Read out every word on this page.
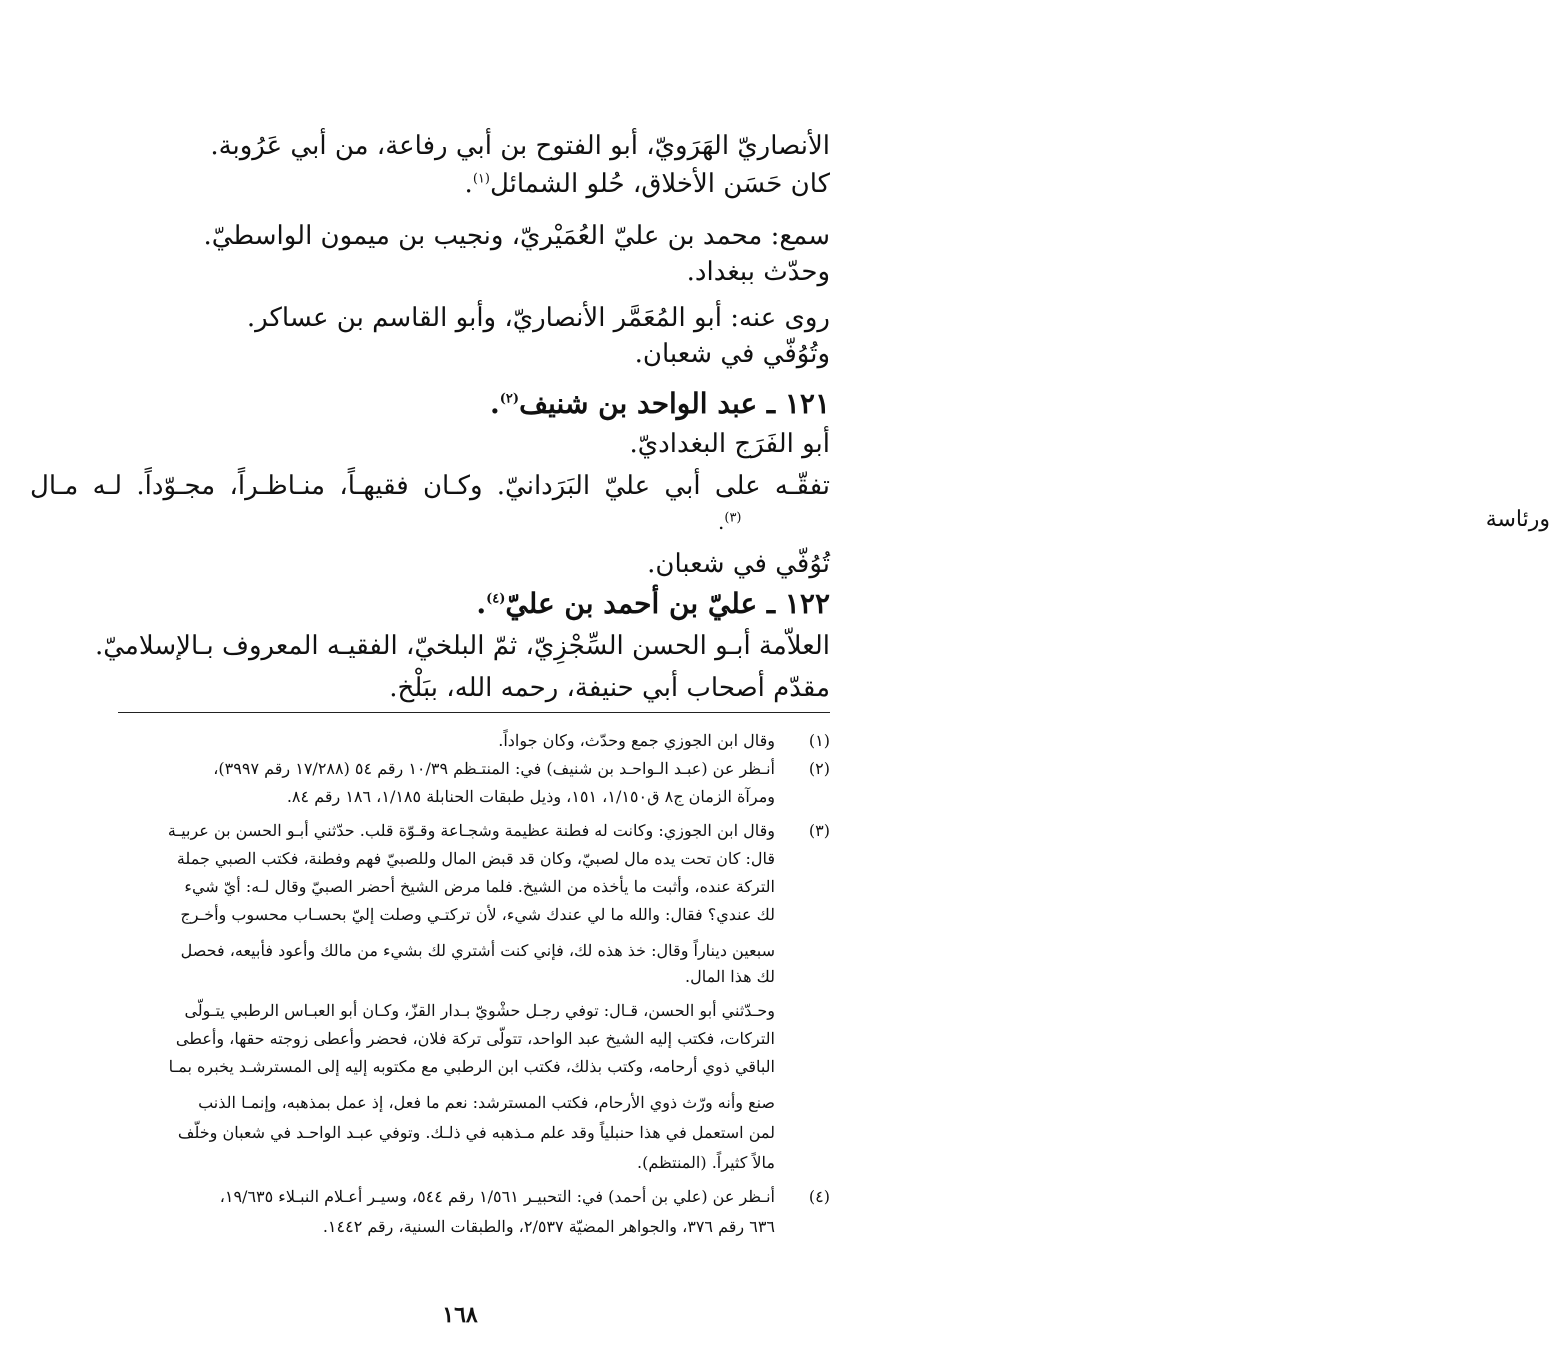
الأنصاريّ الهَرَويّ، أبو الفتوح بن أبي رفاعة، من أبي عَرُوبة.
كان حَسَن الأخلاق، حُلو الشمائل$^{(١)}$.
سمع: محمد بن عليّ العُمَيْريّ، ونجيب بن ميمون الواسطيّ.
وحدّث ببغداد.
روى عنه: أبو المُعَمَّر الأنصاريّ، وأبو القاسم بن عساكر.
وتُوُفّي في شعبان.
١٢١ ـ عبد الواحد بن شنيف$^{(٢)}$.
أبو الفَرَج البغداديّ.
تفقّـه على أبي عليّ البَرَدانيّ. وكـان فقيهـاً، منـاظـراً، مجـوّداً. لـه مـال
ورئاسة
$^{(٣)}$.
تُوُفّي في شعبان.
١٢٢ ـ عليّ بن أحمد بن عليّ$^{(٤)}$.
العلاّمة أبـو الحسن السِّجْزِيّ، ثمّ البلخيّ، الفقيـه المعروف بـالإسلاميّ.
مقدّم أصحاب أبي حنيفة، رحمه الله، ببَلْخ.
(١)
وقال ابن الجوزي جمع وحدّث، وكان جواداً.
(٢)
أنـظر عن (عبـد الـواحـد بن شنيف) في: المنتـظم ١٠/٣٩ رقم ٥٤ (١٧/٢٨٨ رقم ٣٩٩٧)،
ومرآة الزمان ج٨ ق١/١٥٠، ١٥١، وذيل طبقات الحنابلة ١/١٨٥، ١٨٦ رقم ٨٤.
(٣)
وقال ابن الجوزي: وكانت له فطنة عظيمة وشجـاعة وقـوّة قلب. حدّثني أبـو الحسن بن عربيـة
قال: كان تحت يده مال لصبيّ، وكان قد قبض المال وللصبيّ فهم وفطنة، فكتب الصبي جملة
التركة عنده، وأثبت ما يأخذه من الشيخ. فلما مرض الشيخ أحضر الصبيّ وقال لـه: أيّ شيء
لك عندي؟ فقال: والله ما لي عندك شيء، لأن تركتـي وصلت إليّ بحسـاب محسوب وأخـرج
سبعين ديناراً وقال: خذ هذه لك، فإني كنت أشتري لك بشيء من مالك وأعود فأبيعه، فحصل
لك هذا المال.
وحـدّثني أبو الحسن، قـال: توفي رجـل حشْويّ بـدار القزّ، وكـان أبو العبـاس الرطبي يتـولّى
التركات، فكتب إليه الشيخ عبد الواحد، تتولّى تركة فلان، فحضر وأعطى زوجته حقها، وأعطى
الباقي ذوي أرحامه، وكتب بذلك، فكتب ابن الرطبي مع مكتوبه إليه إلى المسترشـد يخبره بمـا
صنع وأنه ورّث ذوي الأرحام، فكتب المسترشد: نعم ما فعل، إذ عمل بمذهبه، وإنمـا الذنب
لمن استعمل في هذا حنبلياً وقد علم مـذهبه في ذلـك. وتوفي عبـد الواحـد في شعبان وخلّف
مالاً كثيراً. (المنتظم).
(٤)
أنـظر عن (علي بن أحمد) في: التحبيـر ١/٥٦١ رقم ٥٤٤، وسيـر أعـلام النبـلاء ١٩/٦٣٥،
٦٣٦ رقم ٣٧٦، والجواهر المضيّة ٢/٥٣٧، والطبقات السنية، رقم ١٤٤٢.
١٦٨
